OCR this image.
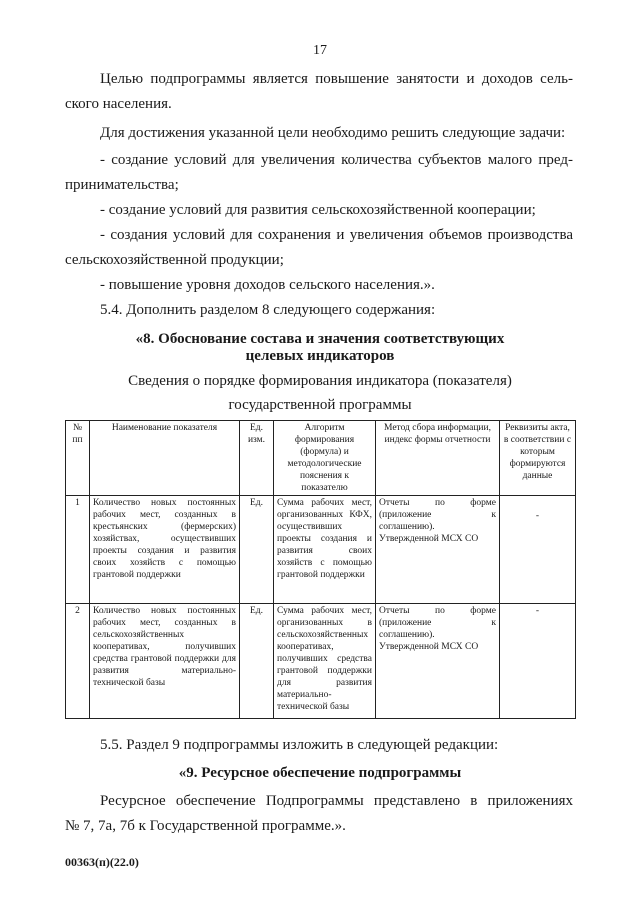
17
Целью подпрограммы является повышение занятости и доходов сель-
ского населения.
Для достижения указанной цели необходимо решить следующие задачи:
- создание условий для увеличения количества субъектов малого пред-
принимательства;
- создание условий для развития сельскохозяйственной кооперации;
- создания условий для сохранения и увеличения объемов производства
сельскохозяйственной продукции;
- повышение уровня доходов сельского населения.».
5.4. Дополнить разделом 8 следующего содержания:
«8. Обоснование состава и значения соответствующих
целевых индикаторов
Сведения о порядке формирования индикатора (показателя)
государственной программы
№ пп	Наименование показателя	Ед. изм.	Алгоритм формирования (формула) и методологические пояснения к показателю	Метод сбора информации, индекс формы отчетности	Реквизиты акта, в соответствии с которым формируются данные
1	Количество новых постоянных рабочих мест, созданных в крестьянских (фермерских) хозяйствах, осуществивших проекты создания и развития своих хозяйств с помощью грантовой поддержки	Ед.	Сумма рабочих мест, организованных КФХ, осуществивших проекты создания и развития своих хозяйств с помощью грантовой поддержки	Отчеты по форме (приложение к соглашению). Утвержденной МСХ СО	-
2	Количество новых постоянных рабочих мест, созданных в сельскохозяйственных кооперативах, получивших средства грантовой поддержки для развития материально-технической базы	Ед.	Сумма рабочих мест, организованных в сельскохозяйственных кооперативах, получивших средства грантовой поддержки для развития материально-технической базы	Отчеты по форме (приложение к соглашению). Утвержденной МСХ СО	-
5.5. Раздел 9 подпрограммы изложить в следующей редакции:
«9. Ресурсное обеспечение подпрограммы
Ресурсное обеспечение Подпрограммы представлено в приложениях
№ 7, 7а, 7б к Государственной программе.».
00363(п)(22.0)
